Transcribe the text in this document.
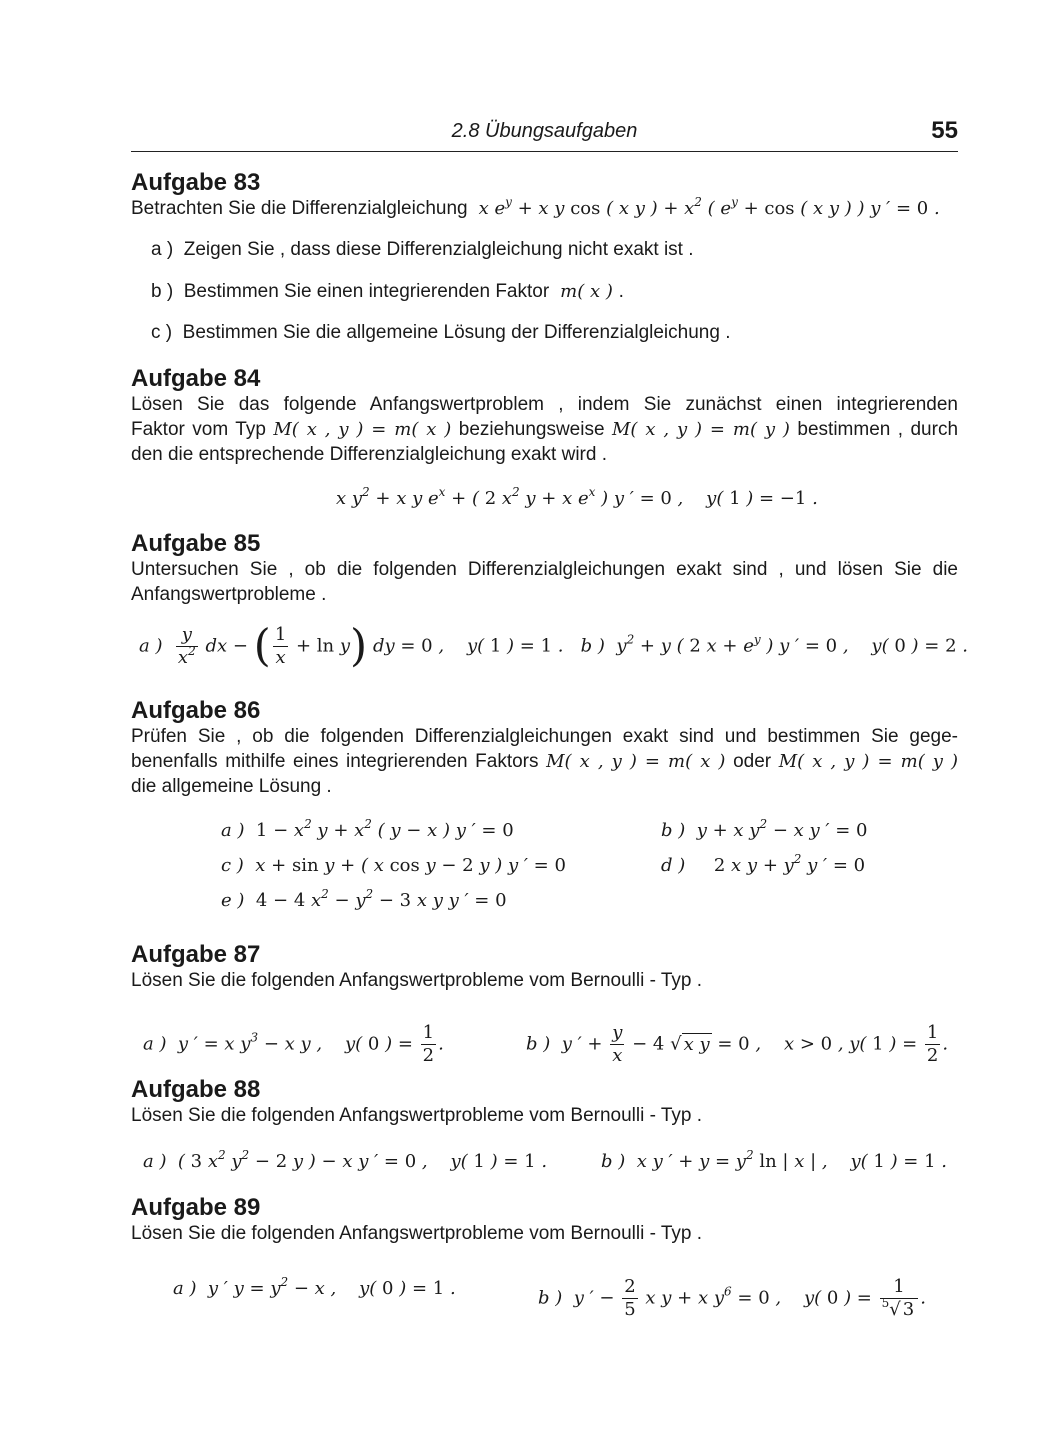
2.8 Übungsaufgaben	55
Aufgabe 83
Betrachten Sie die Differenzialgleichung  x $e^y + x$ y cos ( x y ) + $x^2$ ( $e^y + \cos$ ( x y ) ) y ′ = 0 .
a ) Zeigen Sie , dass diese Differenzialgleichung nicht exakt ist .
b ) Bestimmen Sie einen integrierenden Faktor  m( x ) .
c ) Bestimmen Sie die allgemeine Lösung der Differenzialgleichung .
Aufgabe 84
Lösen Sie das folgende Anfangswertproblem , indem Sie zunächst einen integrierenden
Faktor vom Typ M( x , y ) = m( x ) beziehungsweise M( x , y ) = m( y ) bestimmen , durch
den die entsprechende Differenzialgleichung exakt wird .
x $y^2 + x$ y $e^x$ + ( 2 $x^2$ y + x $e^x$ ) y ′ = 0 ,    y( 1 ) = −1 .
Aufgabe 85
Untersuchen Sie , ob die folgenden Differenzialgleichungen exakt sind , und lösen Sie die
Anfangswertprobleme .
a ) $\frac{y}{x^2}$ dx − ( $\frac{1}{x} + \ln y$) dy = 0 ,    y( 1 ) = 1 .   b )  $y^2 + y$ ( 2 $x + e^y$ ) y ′ = 0 ,    y( 0 ) = 2 .
Aufgabe 86
Prüfen Sie , ob die folgenden Differenzialgleichungen exakt sind und bestimmen Sie gege-
benenfalls mithilfe eines integrierenden Faktors M( x , y ) = m( x ) oder M( x , y ) = m( y )
die allgemeine Lösung .
a )  $1 - x^2$ $y + x^2$ ( y − x ) y ′ = 0	b )  y + x $y^2 - x$ y ′ = 0
c )  x + sin y + ( x cos y − 2 y ) y ′ = 0	d )     2 x $y + y^2$ y ′ = 0
e )  4 − 4 $x^2 - y^2 - 3$ x y y ′ = 0
Aufgabe 87
Lösen Sie die folgenden Anfangswertprobleme vom Bernoulli - Typ .
a )  y ′ = x $y^3 - x$ y ,    y( 0 ) = $\frac{1}{2}$ .	b )  y ′ + $\frac{y}{x} - 4$ √ x y = 0 ,    x > 0 , y( 1 ) = $\frac{1}{2}$ .
Aufgabe 88
Lösen Sie die folgenden Anfangswertprobleme vom Bernoulli - Typ .
a )  ( 3 $x^2$ $y^2 - 2$ y ) − x y ′ = 0 ,    y( 1 ) = 1 .	b )  x y ′ + $y = y^2$ ln | x | ,    y( 1 ) = 1 .
Aufgabe 89
Lösen Sie die folgenden Anfangswertprobleme vom Bernoulli - Typ .
a )  y ′ $y = y^2 - x$ ,    y( 0 ) = 1 .	b )  y ′ − $\frac{2}{5}$ x y + x $y^6 = 0$ ,    y( 0 ) = $\frac{1}{^5√ 3}$ .
